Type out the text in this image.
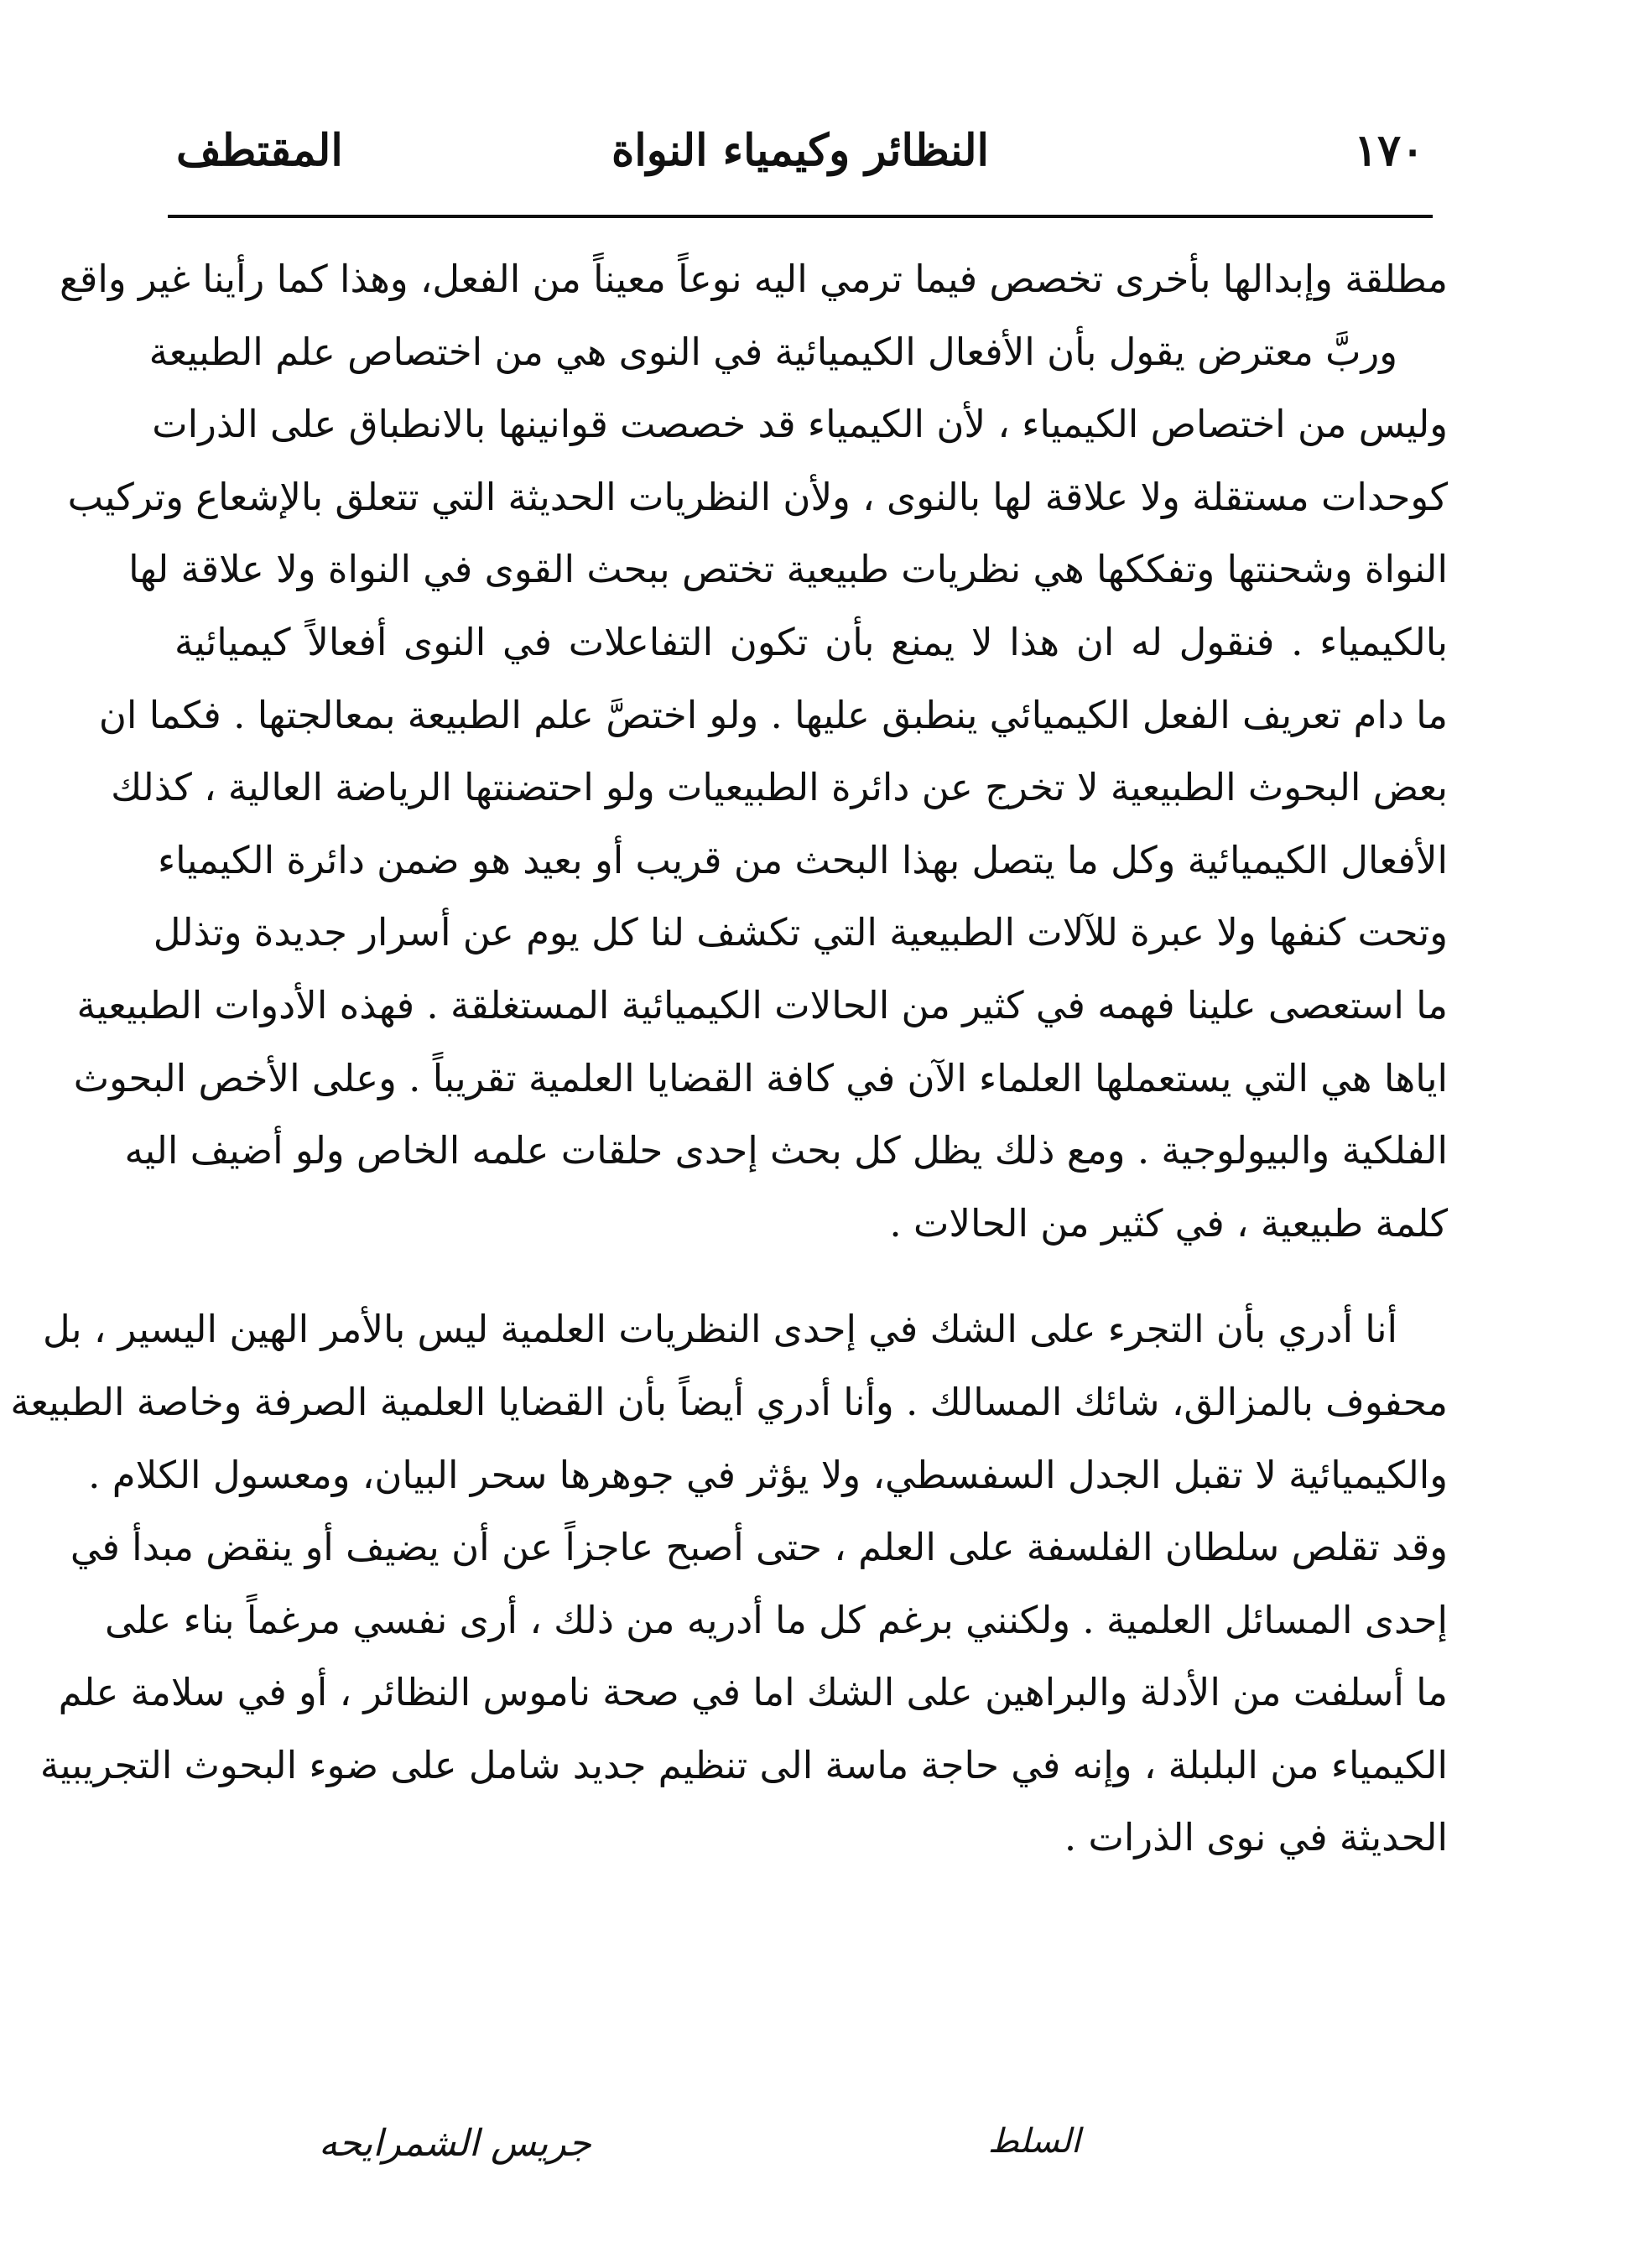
١٧٠
النظائر وكيمياء النواة
المقتطف
مطلقة وإبدالها بأخرى تخصص فيما ترمي اليه نوعاً معيناً من الفعل، وهذا كما رأينا غير واقع
وربَّ معترض يقول بأن الأفعال الكيميائية في النوى هي من اختصاص علم الطبيعة
وليس من اختصاص الكيمياء ، لأن الكيمياء قد خصصت قوانينها بالانطباق على الذرات
كوحدات مستقلة ولا علاقة لها بالنوى ، ولأن النظريات الحديثة التي تتعلق بالإشعاع وتركيب
النواة وشحنتها وتفككها هي نظريات طبيعية تختص ببحث القوى في النواة ولا علاقة لها
بالكيمياء . فنقول له ان هذا لا يمنع بأن تكون التفاعلات في النوى أفعالاً كيميائية
ما دام تعريف الفعل الكيميائي ينطبق عليها . ولو اختصَّ علم الطبيعة بمعالجتها . فكما ان
بعض البحوث الطبيعية لا تخرج عن دائرة الطبيعيات ولو احتضنتها الرياضة العالية ، كذلك
الأفعال الكيميائية وكل ما يتصل بهذا البحث من قريب أو بعيد هو ضمن دائرة الكيمياء
وتحت كنفها ولا عبرة للآلات الطبيعية التي تكشف لنا كل يوم عن أسرار جديدة وتذلل
ما استعصى علينا فهمه في كثير من الحالات الكيميائية المستغلقة . فهذه الأدوات الطبيعية
اياها هي التي يستعملها العلماء الآن في كافة القضايا العلمية تقريباً . وعلى الأخص البحوث
الفلكية والبيولوجية . ومع ذلك يظل كل بحث إحدى حلقات علمه الخاص ولو أضيف اليه
كلمة طبيعية ، في كثير من الحالات .
أنا أدري بأن التجرء على الشك في إحدى النظريات العلمية ليس بالأمر الهين اليسير ، بل
محفوف بالمزالق، شائك المسالك . وأنا أدري أيضاً بأن القضايا العلمية الصرفة وخاصة الطبيعة
والكيميائية لا تقبل الجدل السفسطي، ولا يؤثر في جوهرها سحر البيان، ومعسول الكلام .
وقد تقلص سلطان الفلسفة على العلم ، حتى أصبح عاجزاً عن أن يضيف أو ينقض مبدأ في
إحدى المسائل العلمية . ولكنني برغم كل ما أدريه من ذلك ، أرى نفسي مرغماً بناء على
ما أسلفت من الأدلة والبراهين على الشك اما في صحة ناموس النظائر ، أو في سلامة علم
الكيمياء من البلبلة ، وإنه في حاجة ماسة الى تنظيم جديد شامل على ضوء البحوث التجريبية
الحديثة في نوى الذرات .
السلط
جريس الشمرايحه
